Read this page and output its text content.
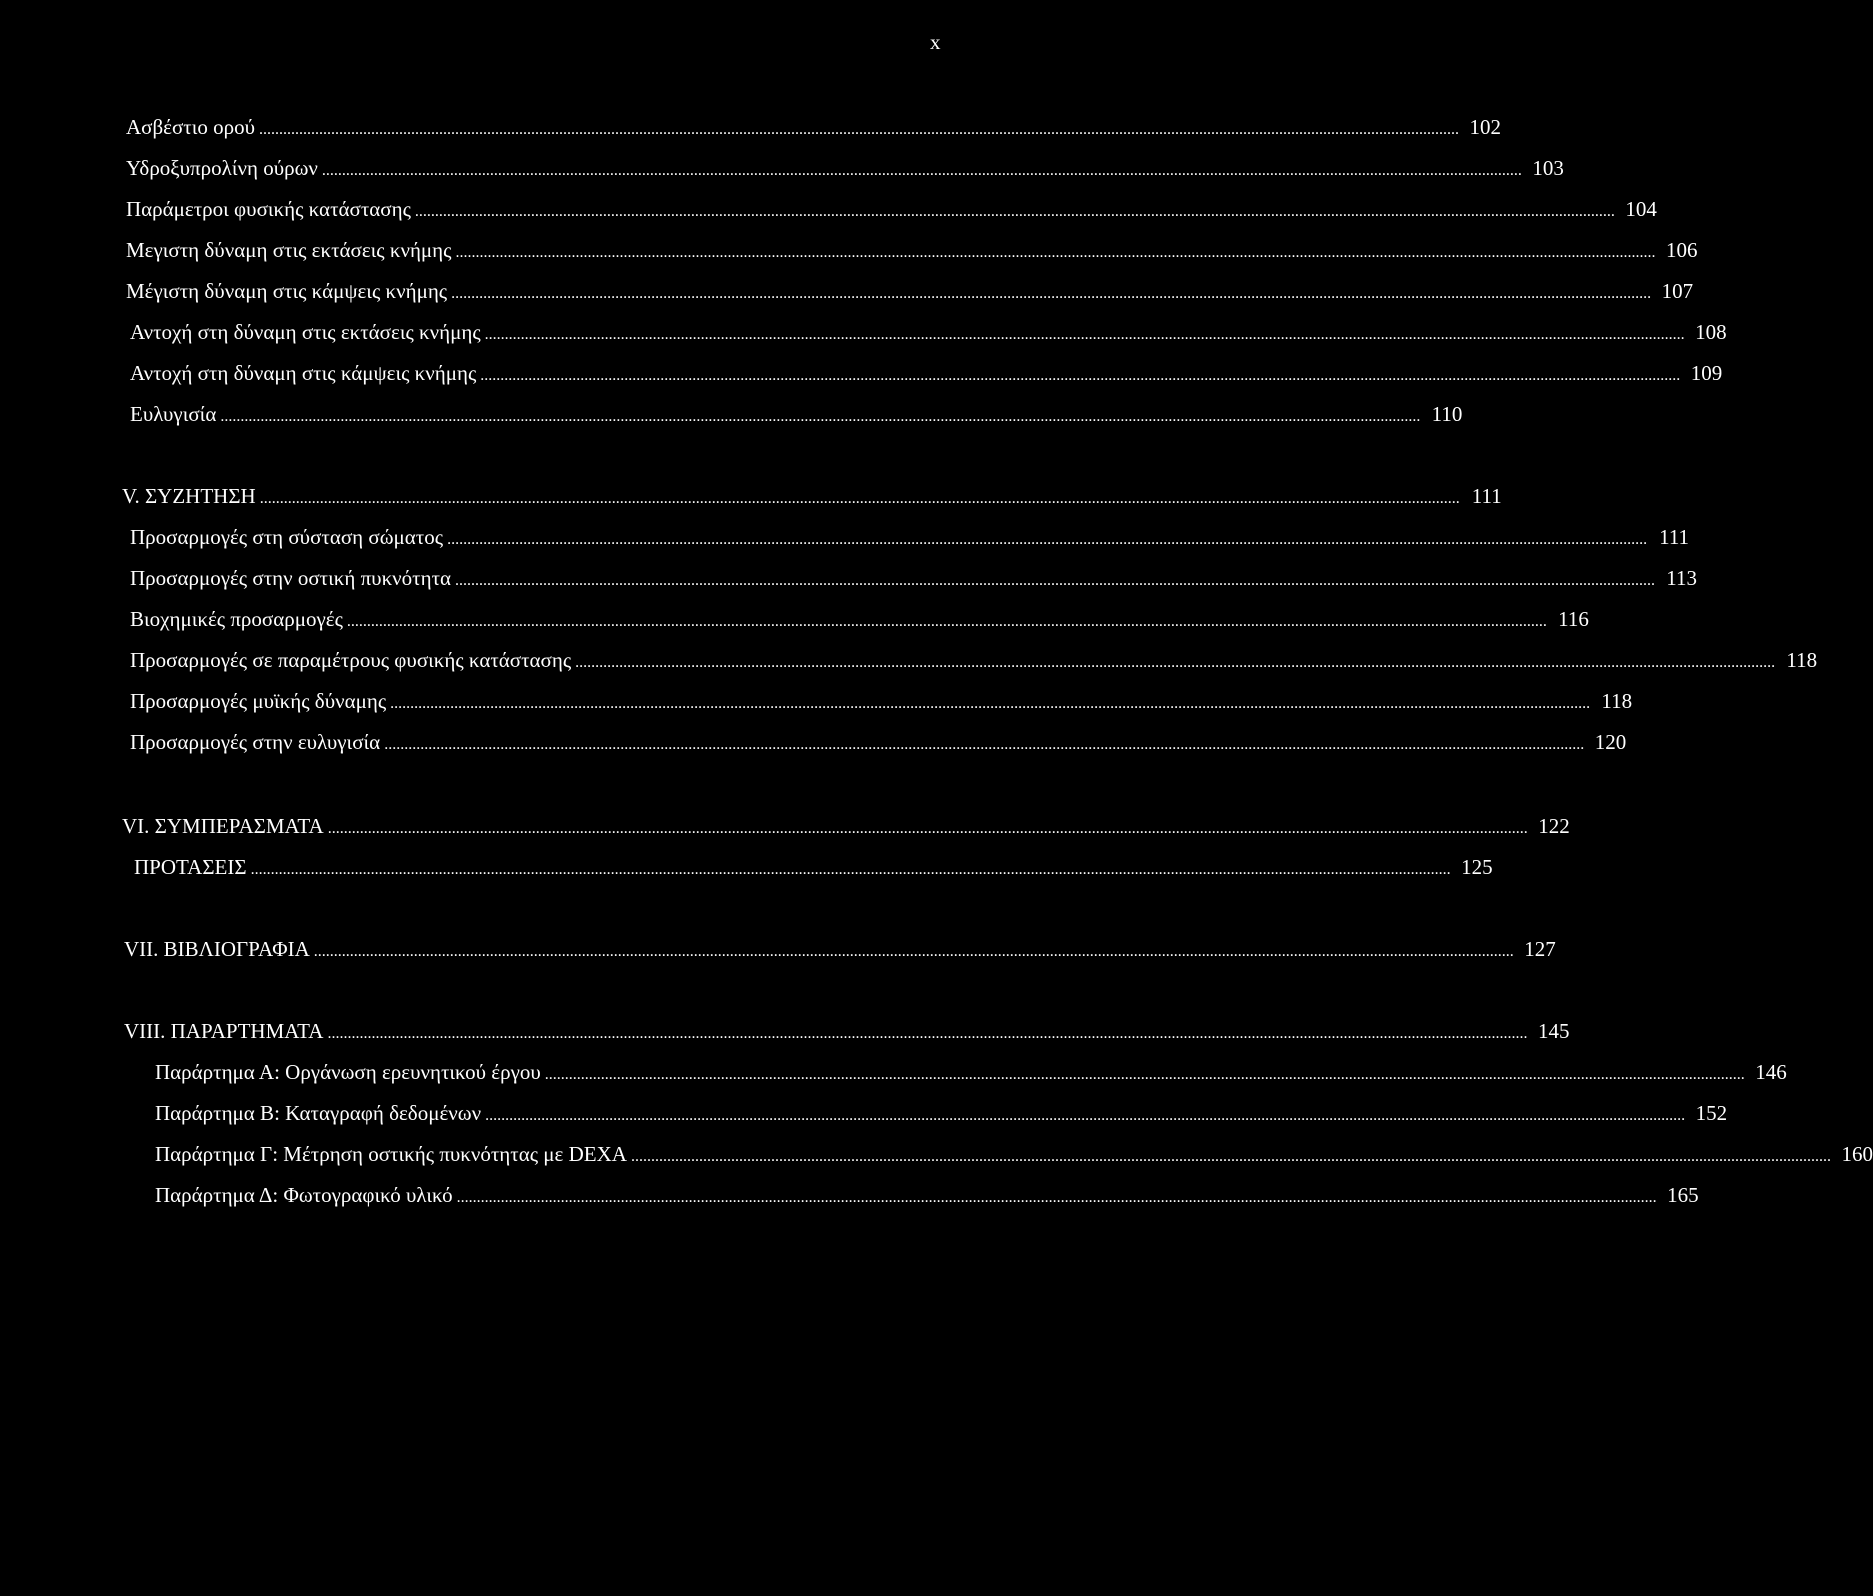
x
Ασβέστιο ορού ............................................................................................................................................................................................................................................................................................................ 102
Υδροξυπρολίνη ούρων ............................................................................................................................................................................................................................................................................................................ 103
Παράμετροι φυσικής κατάστασης ............................................................................................................................................................................................................................................................................................................ 104
Μεγιστη δύναμη στις εκτάσεις κνήμης ............................................................................................................................................................................................................................................................................................................ 106
Μέγιστη δύναμη στις κάμψεις κνήμης ............................................................................................................................................................................................................................................................................................................ 107
Αντοχή στη δύναμη στις εκτάσεις κνήμης ............................................................................................................................................................................................................................................................................................................ 108
Αντοχή στη δύναμη στις κάμψεις κνήμης ............................................................................................................................................................................................................................................................................................................ 109
Ευλυγισία ............................................................................................................................................................................................................................................................................................................ 110
V. ΣΥΖΗΤΗΣΗ ............................................................................................................................................................................................................................................................................................................ 111
Προσαρμογές στη σύσταση σώματος ............................................................................................................................................................................................................................................................................................................ 111
Προσαρμογές στην οστική πυκνότητα ............................................................................................................................................................................................................................................................................................................ 113
Βιοχημικές προσαρμογές ............................................................................................................................................................................................................................................................................................................ 116
Προσαρμογές σε παραμέτρους φυσικής κατάστασης ............................................................................................................................................................................................................................................................................................................ 118
Προσαρμογές μυϊκής δύναμης ............................................................................................................................................................................................................................................................................................................ 118
Προσαρμογές στην ευλυγισία ............................................................................................................................................................................................................................................................................................................ 120
VI. ΣΥΜΠΕΡΑΣΜΑΤΑ ............................................................................................................................................................................................................................................................................................................ 122
ΠΡΟΤΑΣΕΙΣ ............................................................................................................................................................................................................................................................................................................ 125
VII. ΒΙΒΛΙΟΓΡΑΦΙΑ ............................................................................................................................................................................................................................................................................................................ 127
VIII. ΠΑΡΑΡΤΗΜΑΤΑ ............................................................................................................................................................................................................................................................................................................ 145
Παράρτημα Α: Οργάνωση ερευνητικού έργου ............................................................................................................................................................................................................................................................................................................ 146
Παράρτημα Β: Καταγραφή δεδομένων ............................................................................................................................................................................................................................................................................................................ 152
Παράρτημα Γ: Μέτρηση οστικής πυκνότητας με DEXA ............................................................................................................................................................................................................................................................................................................ 160
Παράρτημα Δ: Φωτογραφικό υλικό ............................................................................................................................................................................................................................................................................................................ 165
